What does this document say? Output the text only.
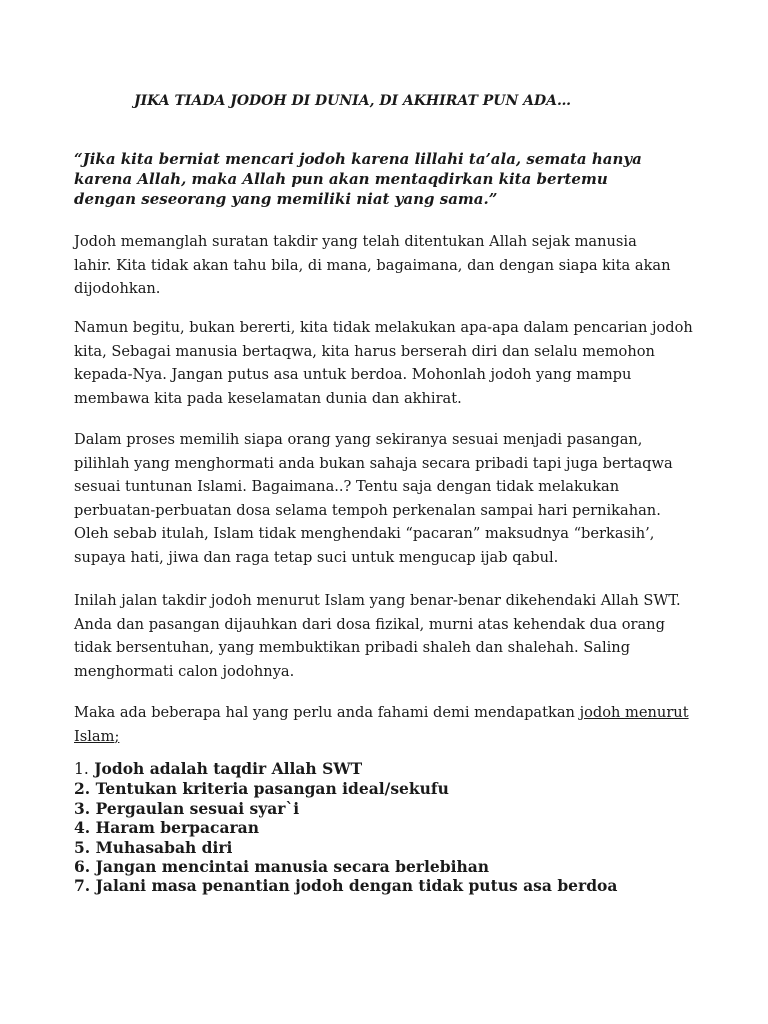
JIKA TIADA JODOH DI DUNIA, DI AKHIRAT PUN ADA…

“Jika kita berniat mencari jodoh karena lillahi ta’ala, semata hanya
karena Allah, maka Allah pun akan mentaqdirkan kita bertemu
dengan seseorang yang memiliki niat yang sama.”

Jodoh memanglah suratan takdir yang telah ditentukan Allah sejak manusia
lahir. Kita tidak akan tahu bila, di mana, bagaimana, dan dengan siapa kita akan
dijodohkan.

Namun begitu, bukan bererti, kita tidak melakukan apa-apa dalam pencarian jodoh
kita, Sebagai manusia bertaqwa, kita harus berserah diri dan selalu memohon
kepada-Nya. Jangan putus asa untuk berdoa. Mohonlah jodoh yang mampu
membawa kita pada keselamatan dunia dan akhirat.

Dalam proses memilih siapa orang yang sekiranya sesuai menjadi pasangan,
pilihlah yang menghormati anda bukan sahaja secara pribadi tapi juga bertaqwa
sesuai tuntunan Islami. Bagaimana..? Tentu saja dengan tidak melakukan
perbuatan-perbuatan dosa selama tempoh perkenalan sampai hari pernikahan.
Oleh sebab itulah, Islam tidak menghendaki “pacaran” maksudnya “berkasih’,
supaya hati, jiwa dan raga tetap suci untuk mengucap ijab qabul.

Inilah jalan takdir jodoh menurut Islam yang benar-benar dikehendaki Allah SWT.
Anda dan pasangan dijauhkan dari dosa fizikal, murni atas kehendak dua orang
tidak bersentuhan, yang membuktikan pribadi shaleh dan shalehah. Saling
menghormati calon jodohnya.

Maka ada beberapa hal yang perlu anda fahami demi mendapatkan jodoh menurut
Islam;

1. Jodoh adalah taqdir Allah SWT
2. Tentukan kriteria pasangan ideal/sekufu
3. Pergaulan sesuai syar`i
4. Haram berpacaran
5. Muhasabah diri
6. Jangan mencintai manusia secara berlebihan
7. Jalani masa penantian jodoh dengan tidak putus asa berdoa
